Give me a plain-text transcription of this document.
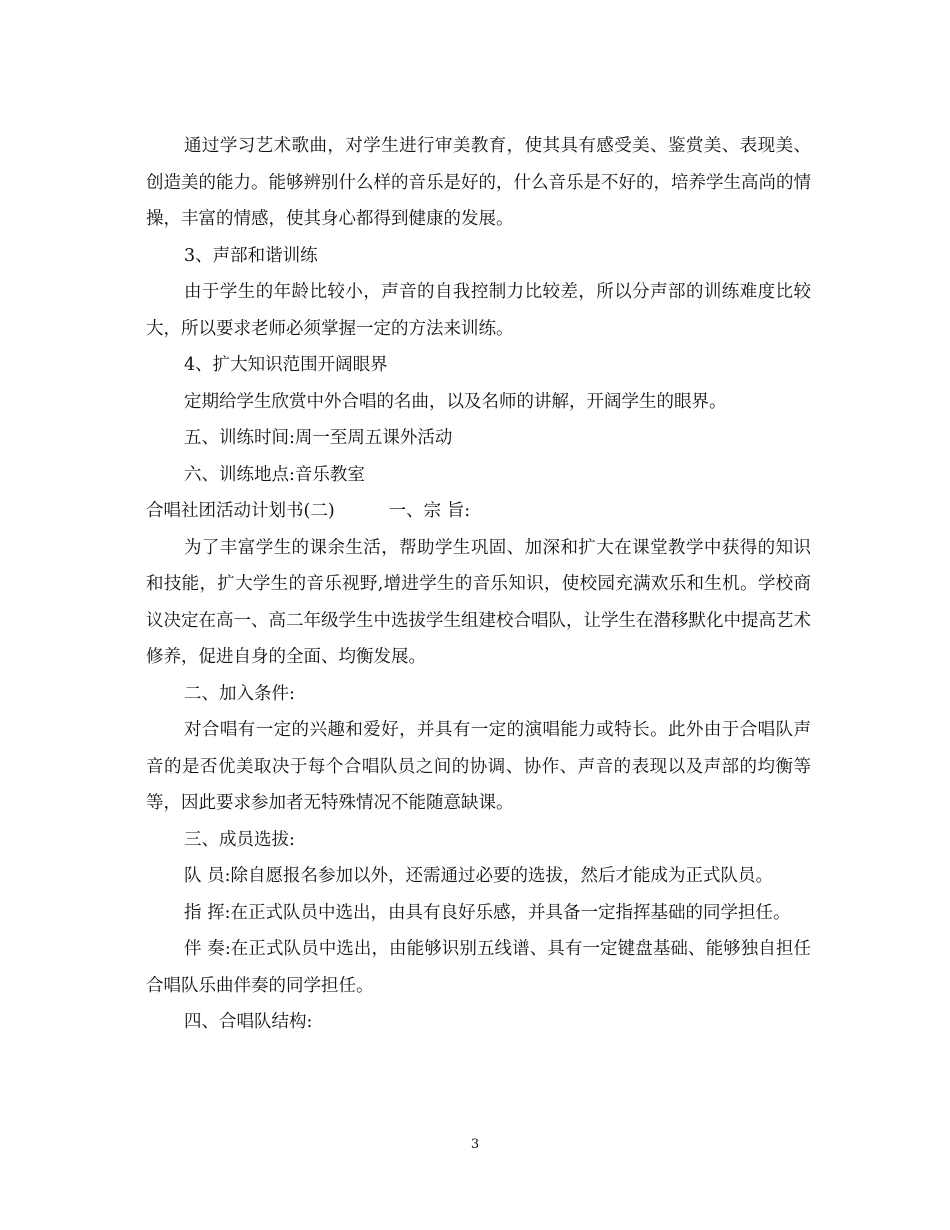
通过学习艺术歌曲，对学生进行审美教育，使其具有感受美、鉴赏美、表现美、创造美的能力。能够辨别什么样的音乐是好的，什么音乐是不好的，培养学生高尚的情操，丰富的情感，使其身心都得到健康的发展。

3、声部和谐训练

由于学生的年龄比较小，声音的自我控制力比较差，所以分声部的训练难度比较大，所以要求老师必须掌握一定的方法来训练。

4、扩大知识范围开阔眼界

定期给学生欣赏中外合唱的名曲，以及名师的讲解，开阔学生的眼界。

五、训练时间:周一至周五课外活动

六、训练地点:音乐教室

合唱社团活动计划书(二)	一、宗 旨:

为了丰富学生的课余生活，帮助学生巩固、加深和扩大在课堂教学中获得的知识和技能，扩大学生的音乐视野,增进学生的音乐知识，使校园充满欢乐和生机。学校商议决定在高一、高二年级学生中选拔学生组建校合唱队，让学生在潜移默化中提高艺术修养，促进自身的全面、均衡发展。

二、加入条件:

对合唱有一定的兴趣和爱好，并具有一定的演唱能力或特长。此外由于合唱队声音的是否优美取决于每个合唱队员之间的协调、协作、声音的表现以及声部的均衡等等，因此要求参加者无特殊情况不能随意缺课。

三、成员选拔:

队 员:除自愿报名参加以外，还需通过必要的选拔，然后才能成为正式队员。

指 挥:在正式队员中选出，由具有良好乐感，并具备一定指挥基础的同学担任。

伴 奏:在正式队员中选出，由能够识别五线谱、具有一定键盘基础、能够独自担任合唱队乐曲伴奏的同学担任。

四、合唱队结构:

3
